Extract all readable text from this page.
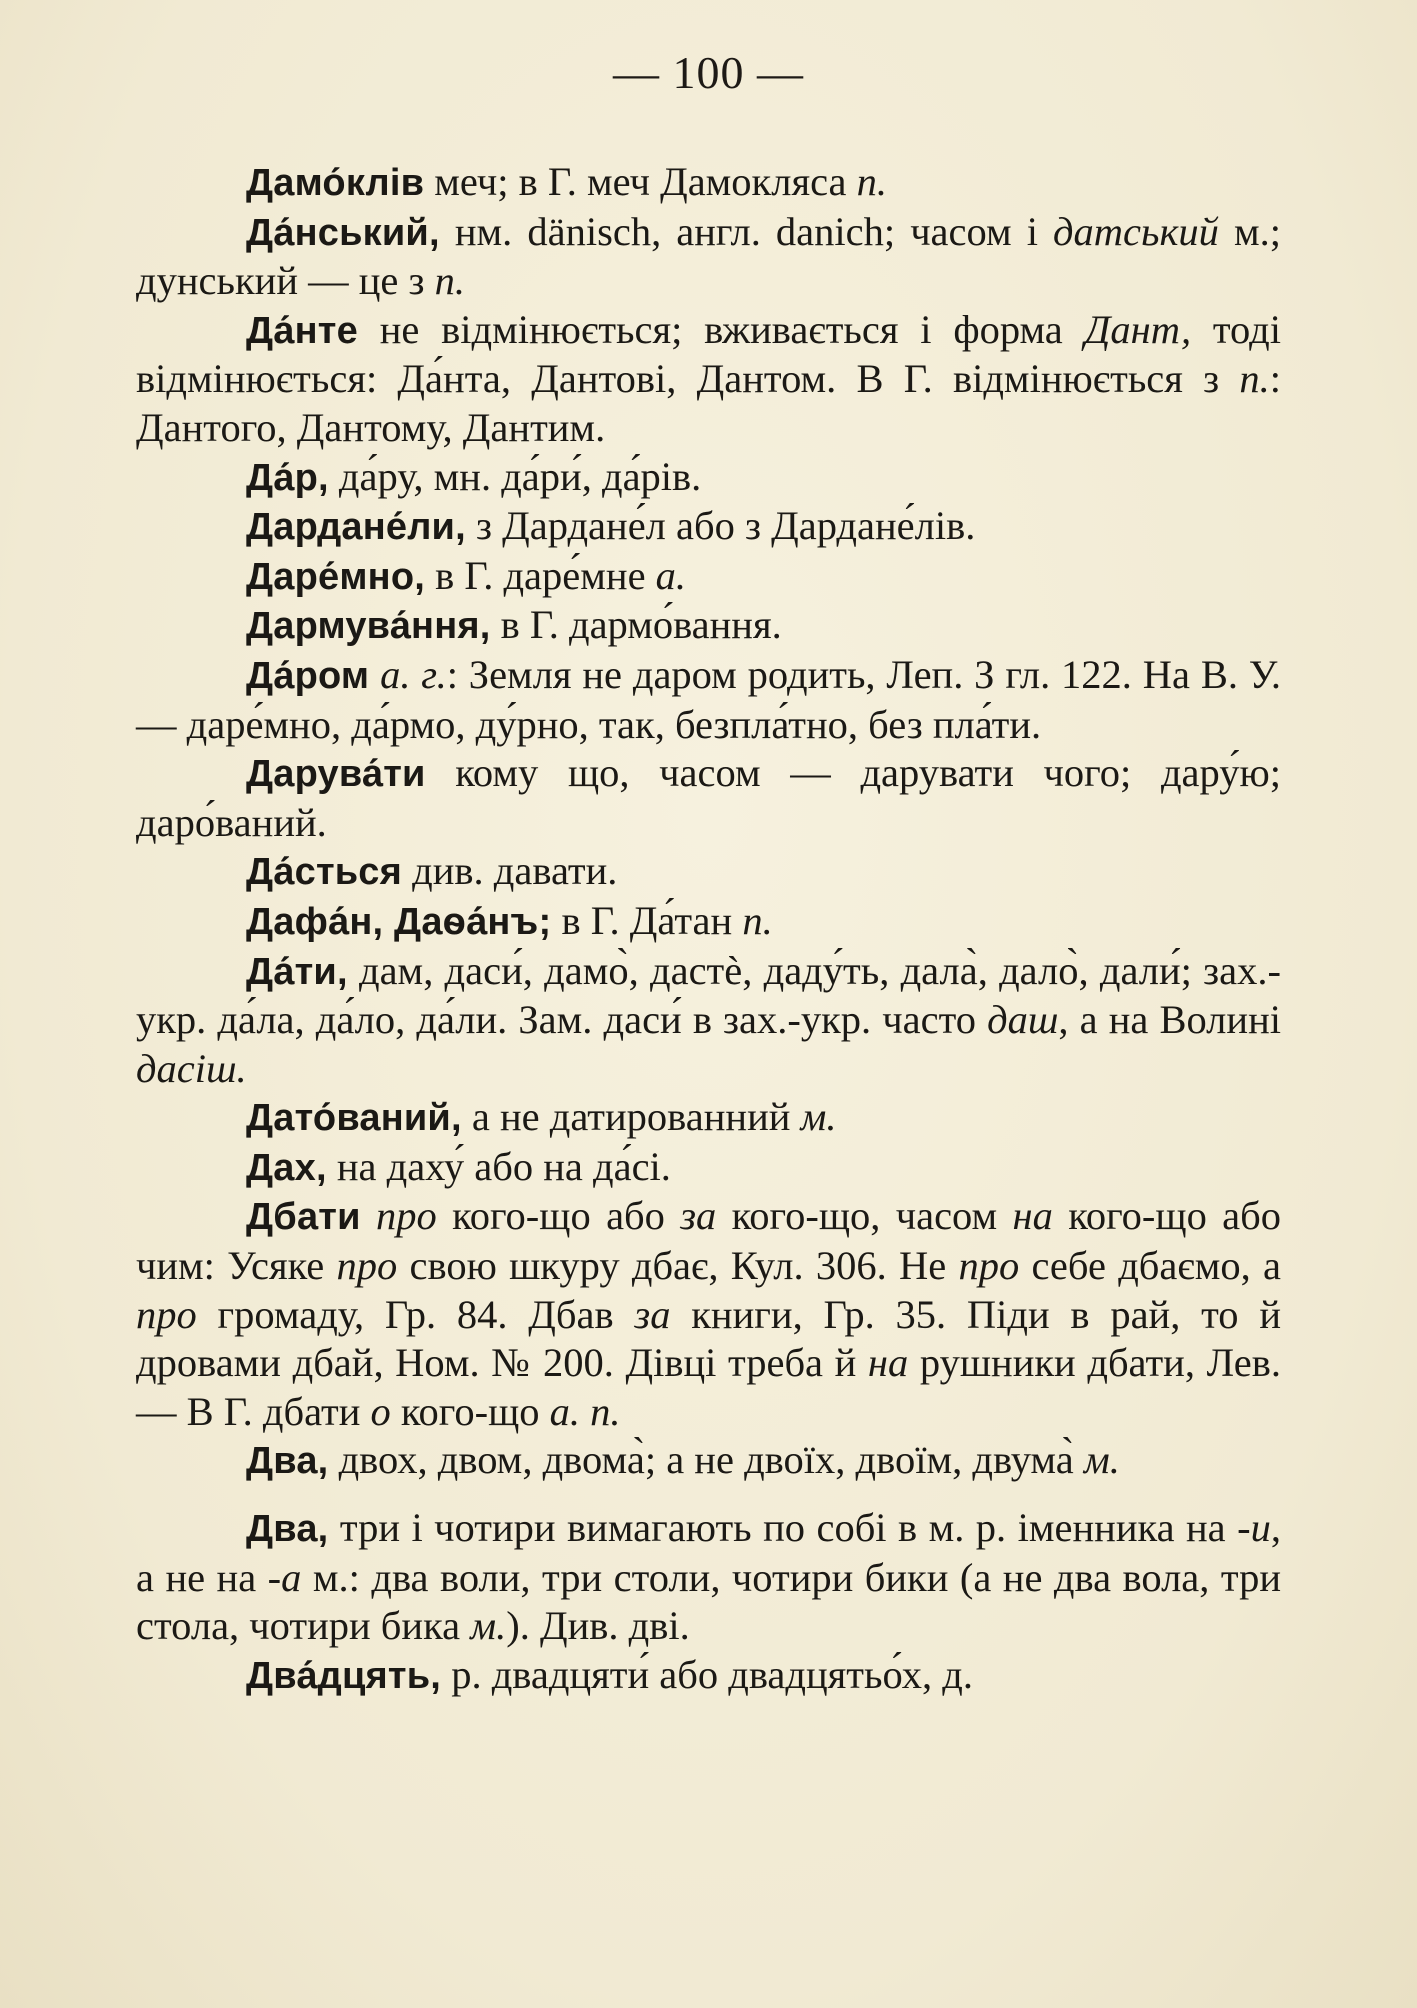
— 100 —

Дамо́клів меч; в Г. меч Дамокляса п.

Да́нський, нм. dänisch, англ. danich; часом і датський м.; дунський — це з п.

Да́нте не відмінюється; вживається і форма Дант, тоді відмінюється: Да́нта, Дантові, Дантом. В Г. відмінюється з п.: Дантого, Дантому, Дантим.

Да́р, да́ру, мн. да́ри́, да́рів.

Дардане́ли, з Дардане́л або з Дардане́лів.

Даре́мно, в Г. даре́мне а.

Дармува́ння, в Г. дармо́вання.

Да́ром а. г.: Земля не даром родить, Леп. З гл. 122. На В. У. — даре́мно, да́рмо, ду́рно, так, безпла́тно, без пла́ти.

Дарува́ти кому що, часом — дарувати чого; дару́ю; даро́ваний.

Да́сться див. давати.

Дафа́н, Даѳа́нъ; в Г. Да́тан п.

Да́ти, дам, даси́, дамо̀, дастѐ, даду́ть, дала̀, дало̀, дали́; зах.-укр. да́ла, да́ло, да́ли. Зам. даси́ в зах.-укр. часто даш, а на Волині дасіш.

Дато́ваний, а не датированний м.

Дах, на даху́ або на да́сі.

Дбати про кого-що або за кого-що, часом на кого-що або чим: Усяке про свою шкуру дбає, Кул. 306. Не про себе дбаємо, а про громаду, Гр. 84. Дбав за книги, Гр. 35. Піди в рай, то й дровами дбай, Ном. № 200. Дівці треба й на рушники дбати, Лев. — В Г. дбати о кого-що а. п.

Два, двох, двом, двома̀; а не двоїх, двоїм, двума̀ м.

Два, три і чотири вимагають по собі в м. р. іменника на -и, а не на -а м.: два воли, три столи, чотири бики (а не два вола, три стола, чотири бика м.). Див. дві.

Два́дцять, р. двадцяти́ або двадцятьо́х, д.
